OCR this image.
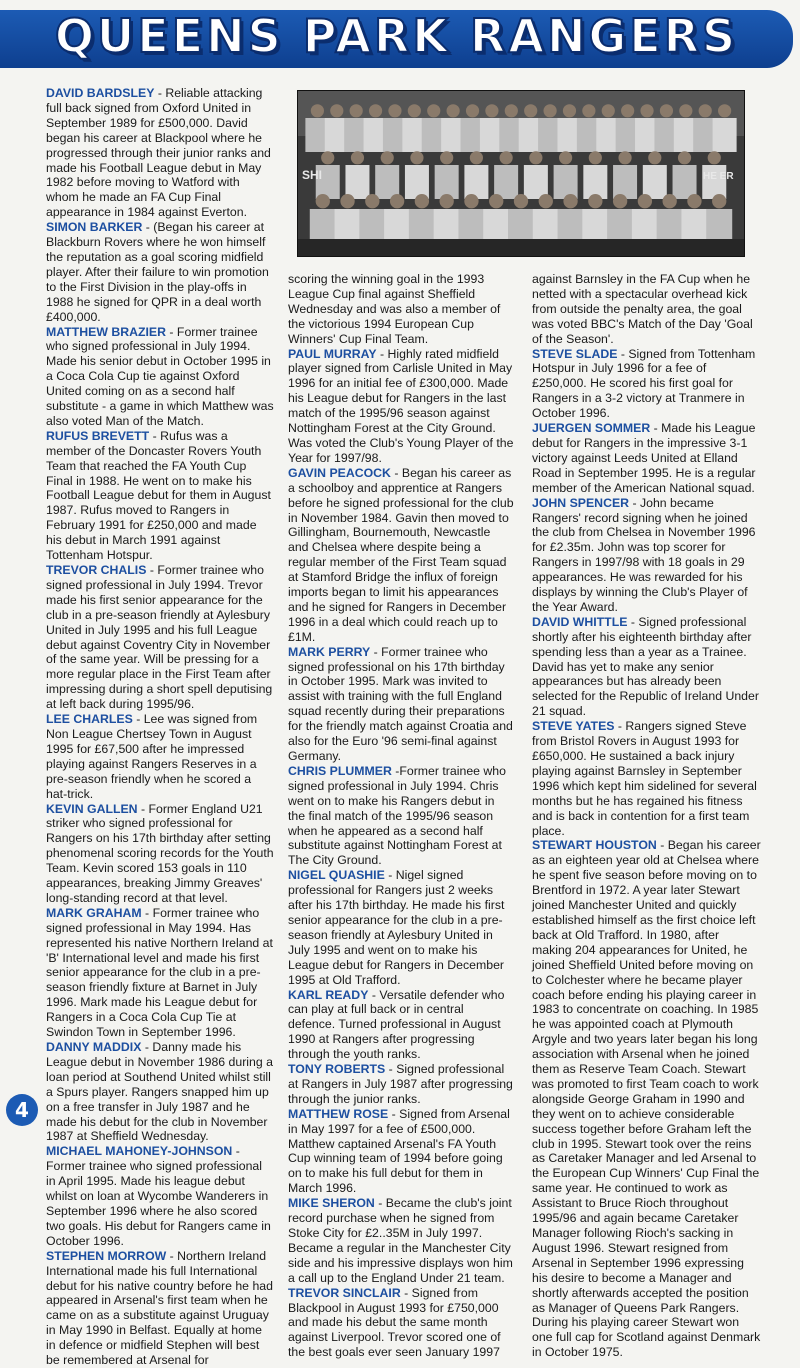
QUEENS PARK RANGERS
SHI	HE ER

DAVID BARDSLEY - Reliable attacking full back signed from Oxford United in September 1989 for £500,000. David began his career at Blackpool where he progressed through their junior ranks and made his Football League debut in May 1982 before moving to Watford with whom he made an FA Cup Final appearance in 1984 against Everton.

SIMON BARKER - (Began his career at Blackburn Rovers where he won himself the reputation as a goal scoring midfield player. After their failure to win promotion to the First Division in the play-offs in 1988 he signed for QPR in a deal worth £400,000.

MATTHEW BRAZIER - Former trainee who signed professional in July 1994. Made his senior debut in October 1995 in a Coca Cola Cup tie against Oxford United coming on as a second half substitute - a game in which Matthew was also voted Man of the Match.

RUFUS BREVETT - Rufus was a member of the Doncaster Rovers Youth Team that reached the FA Youth Cup Final in 1988. He went on to make his Football League debut for them in August 1987. Rufus moved to Rangers in February 1991 for £250,000 and made his debut in March 1991 against Tottenham Hotspur.

TREVOR CHALIS - Former trainee who signed professional in July 1994. Trevor made his first senior appearance for the club in a pre-season friendly at Aylesbury United in July 1995 and his full League debut against Coventry City in November of the same year. Will be pressing for a more regular place in the First Team after impressing during a short spell deputising at left back during 1995/96.

LEE CHARLES - Lee was signed from Non League Chertsey Town in August 1995 for £67,500 after he impressed playing against Rangers Reserves in a pre-season friendly when he scored a hat-trick.

KEVIN GALLEN - Former England U21 striker who signed professional for Rangers on his 17th birthday after setting phenomenal scoring records for the Youth Team. Kevin scored 153 goals in 110 appearances, breaking Jimmy Greaves' long-standing record at that level.

MARK GRAHAM - Former trainee who signed professional in May 1994. Has represented his native Northern Ireland at 'B' International level and made his first senior appearance for the club in a pre-season friendly fixture at Barnet in July 1996. Mark made his League debut for Rangers in a Coca Cola Cup Tie at Swindon Town in September 1996.

DANNY MADDIX - Danny made his League debut in November 1986 during a loan period at Southend United whilst still a Spurs player. Rangers snapped him up on a free transfer in July 1987 and he made his debut for the club in November 1987 at Sheffield Wednesday.

MICHAEL MAHONEY-JOHNSON - Former trainee who signed professional in April 1995. Made his league debut whilst on loan at Wycombe Wanderers in September 1996 where he also scored two goals. His debut for Rangers came in October 1996.

STEPHEN MORROW - Northern Ireland International made his full International debut for his native country before he had appeared in Arsenal's first team when he came on as a substitute against Uruguay in May 1990 in Belfast. Equally at home in defence or midfield Stephen will best be remembered at Arsenal for

scoring the winning goal in the 1993 League Cup final against Sheffield Wednesday and was also a member of the victorious 1994 European Cup Winners' Cup Final Team.

PAUL MURRAY - Highly rated midfield player signed from Carlisle United in May 1996 for an initial fee of £300,000. Made his League debut for Rangers in the last match of the 1995/96 season against Nottingham Forest at the City Ground. Was voted the Club's Young Player of the Year for 1997/98.

GAVIN PEACOCK - Began his career as a schoolboy and apprentice at Rangers before he signed professional for the club in November 1984. Gavin then moved to Gillingham, Bournemouth, Newcastle and Chelsea where despite being a regular member of the First Team squad at Stamford Bridge the influx of foreign imports began to limit his appearances and he signed for Rangers in December 1996 in a deal which could reach up to £1M.

MARK PERRY - Former trainee who signed professional on his 17th birthday in October 1995. Mark was invited to assist with training with the full England squad recently during their preparations for the friendly match against Croatia and also for the Euro '96 semi-final against Germany.

CHRIS PLUMMER -Former trainee who signed professional in July 1994. Chris went on to make his Rangers debut in the final match of the 1995/96 season when he appeared as a second half substitute against Nottingham Forest at The City Ground.

NIGEL QUASHIE - Nigel signed professional for Rangers just 2 weeks after his 17th birthday. He made his first senior appearance for the club in a pre-season friendly at Aylesbury United in July 1995 and went on to make his League debut for Rangers in December 1995 at Old Trafford.

KARL READY - Versatile defender who can play at full back or in central defence. Turned professional in August 1990 at Rangers after progressing through the youth ranks.

TONY ROBERTS - Signed professional at Rangers in July 1987 after progressing through the junior ranks.

MATTHEW ROSE - Signed from Arsenal in May 1997 for a fee of £500,000. Matthew captained Arsenal's FA Youth Cup winning team of 1994 before going on to make his full debut for them in March 1996.

MIKE SHERON - Became the club's joint record purchase when he signed from Stoke City for £2..35M in July 1997. Became a regular in the Manchester City side and his impressive displays won him a call up to the England Under 21 team.

TREVOR SINCLAIR - Signed from Blackpool in August 1993 for £750,000 and made his debut the same month against Liverpool. Trevor scored one of the best goals ever seen January 1997

against Barnsley in the FA Cup when he netted with a spectacular overhead kick from outside the penalty area, the goal was voted BBC's Match of the Day 'Goal of the Season'.

STEVE SLADE - Signed from Tottenham Hotspur in July 1996 for a fee of £250,000. He scored his first goal for Rangers in a 3-2 victory at Tranmere in October 1996.

JUERGEN SOMMER - Made his League debut for Rangers in the impressive 3-1 victory against Leeds United at Elland Road in September 1995. He is a regular member of the American National squad.

JOHN SPENCER - John became Rangers' record signing when he joined the club from Chelsea in November 1996 for £2.35m. John was top scorer for Rangers in 1997/98 with 18 goals in 29 appearances. He was rewarded for his displays by winning the Club's Player of the Year Award.

DAVID WHITTLE - Signed professional shortly after his eighteenth birthday after spending less than a year as a Trainee. David has yet to make any senior appearances but has already been selected for the Republic of Ireland Under 21 squad.

STEVE YATES - Rangers signed Steve from Bristol Rovers in August 1993 for £650,000. He sustained a back injury playing against Barnsley in September 1996 which kept him sidelined for several months but he has regained his fitness and is back in contention for a first team place.

STEWART HOUSTON - Began his career as an eighteen year old at Chelsea where he spent five season before moving on to Brentford in 1972. A year later Stewart joined Manchester United and quickly established himself as the first choice left back at Old Trafford. In 1980, after making 204 appearances for United, he joined Sheffield United before moving on to Colchester where he became player coach before ending his playing career in 1983 to concentrate on coaching. In 1985 he was appointed coach at Plymouth Argyle and two years later began his long association with Arsenal when he joined them as Reserve Team Coach. Stewart was promoted to first Team coach to work alongside George Graham in 1990 and they went on to achieve considerable success together before Graham left the club in 1995. Stewart took over the reins as Caretaker Manager and led Arsenal to the European Cup Winners' Cup Final the same year. He continued to work as Assistant to Bruce Rioch throughout 1995/96 and again became Caretaker Manager following Rioch's sacking in August 1996. Stewart resigned from Arsenal in September 1996 expressing his desire to become a Manager and shortly afterwards accepted the position as Manager of Queens Park Rangers. During his playing career Stewart won one full cap for Scotland against Denmark in October 1975.

4
